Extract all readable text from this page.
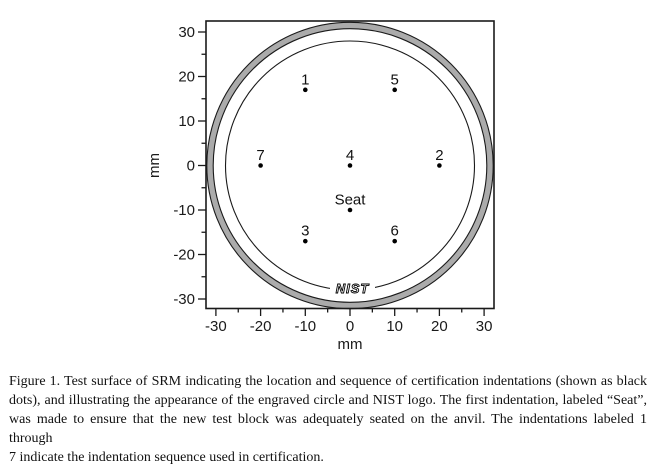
NIST
-30 -20 -10 0 10 20 30
-30
-20
-10
0
10
20
30
1
2
3
4
5
6
7
Seat
mm
mm
Figure 1. Test surface of SRM indicating the location and sequence of certification indentations (shown as black
dots), and illustrating the appearance of the engraved circle and NIST logo. The first indentation, labeled “Seat”,
was made to ensure that the new test block was adequately seated on the anvil. The indentations labeled 1 through
7 indicate the indentation sequence used in certification.
